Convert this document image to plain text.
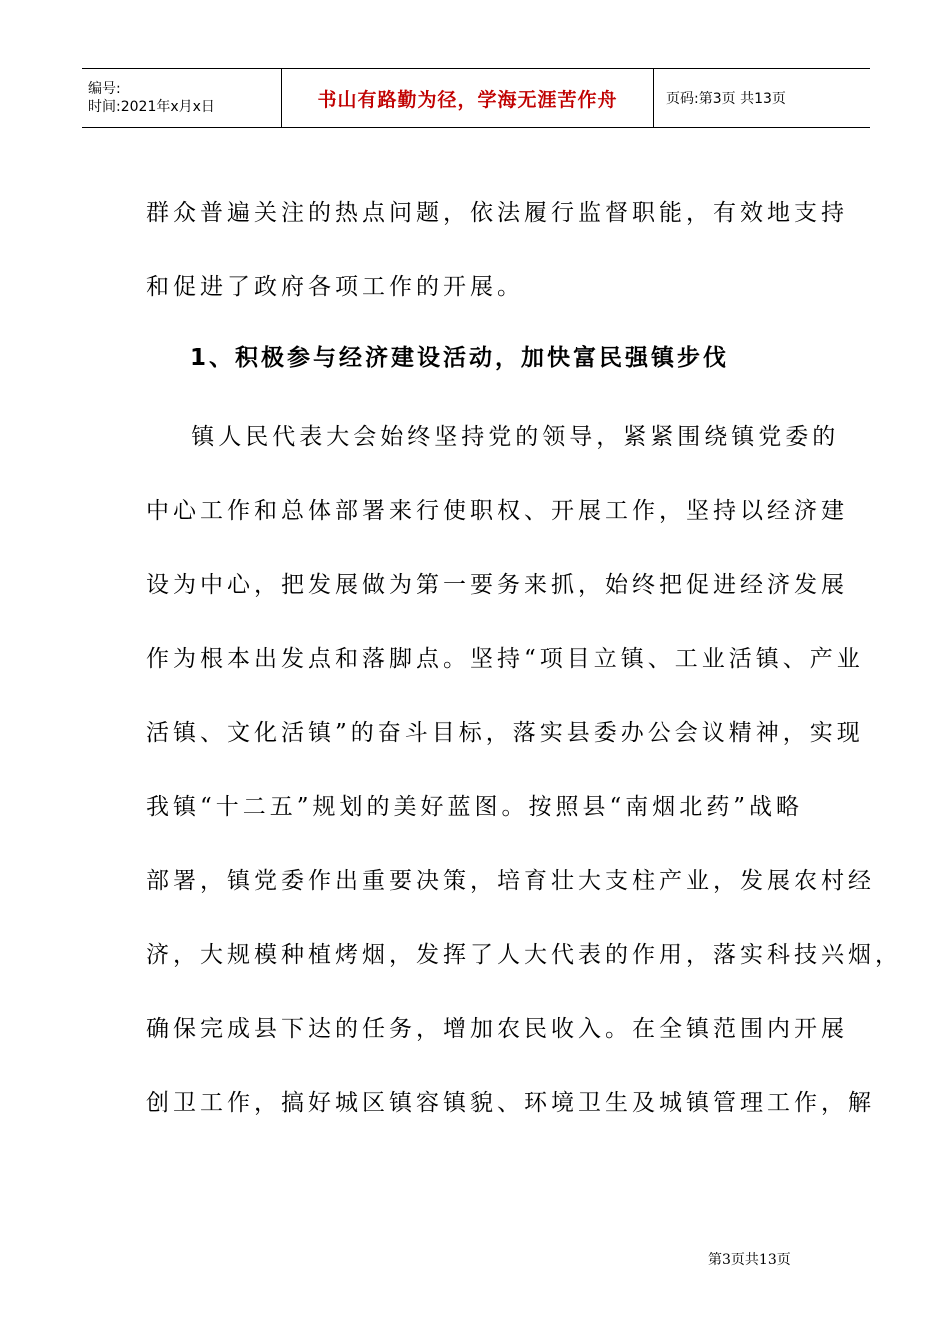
编号:
时间:2021年x月x日	书山有路勤为径，学海无涯苦作舟	页码:第3页 共13页
群众普遍关注的热点问题，依法履行监督职能，有效地支持
和促进了政府各项工作的开展。
1、积极参与经济建设活动，加快富民强镇步伐
镇人民代表大会始终坚持党的领导，紧紧围绕镇党委的
中心工作和总体部署来行使职权、开展工作，坚持以经济建
设为中心，把发展做为第一要务来抓，始终把促进经济发展
作为根本出发点和落脚点。坚持“项目立镇、工业活镇、产业
活镇、文化活镇”的奋斗目标，落实县委办公会议精神，实现
我镇“十二五”规划的美好蓝图。按照县“南烟北药”战略
部署，镇党委作出重要决策，培育壮大支柱产业，发展农村经
济，大规模种植烤烟，发挥了人大代表的作用，落实科技兴烟，
确保完成县下达的任务，增加农民收入。在全镇范围内开展
创卫工作，搞好城区镇容镇貌、环境卫生及城镇管理工作，解
第3页共13页
